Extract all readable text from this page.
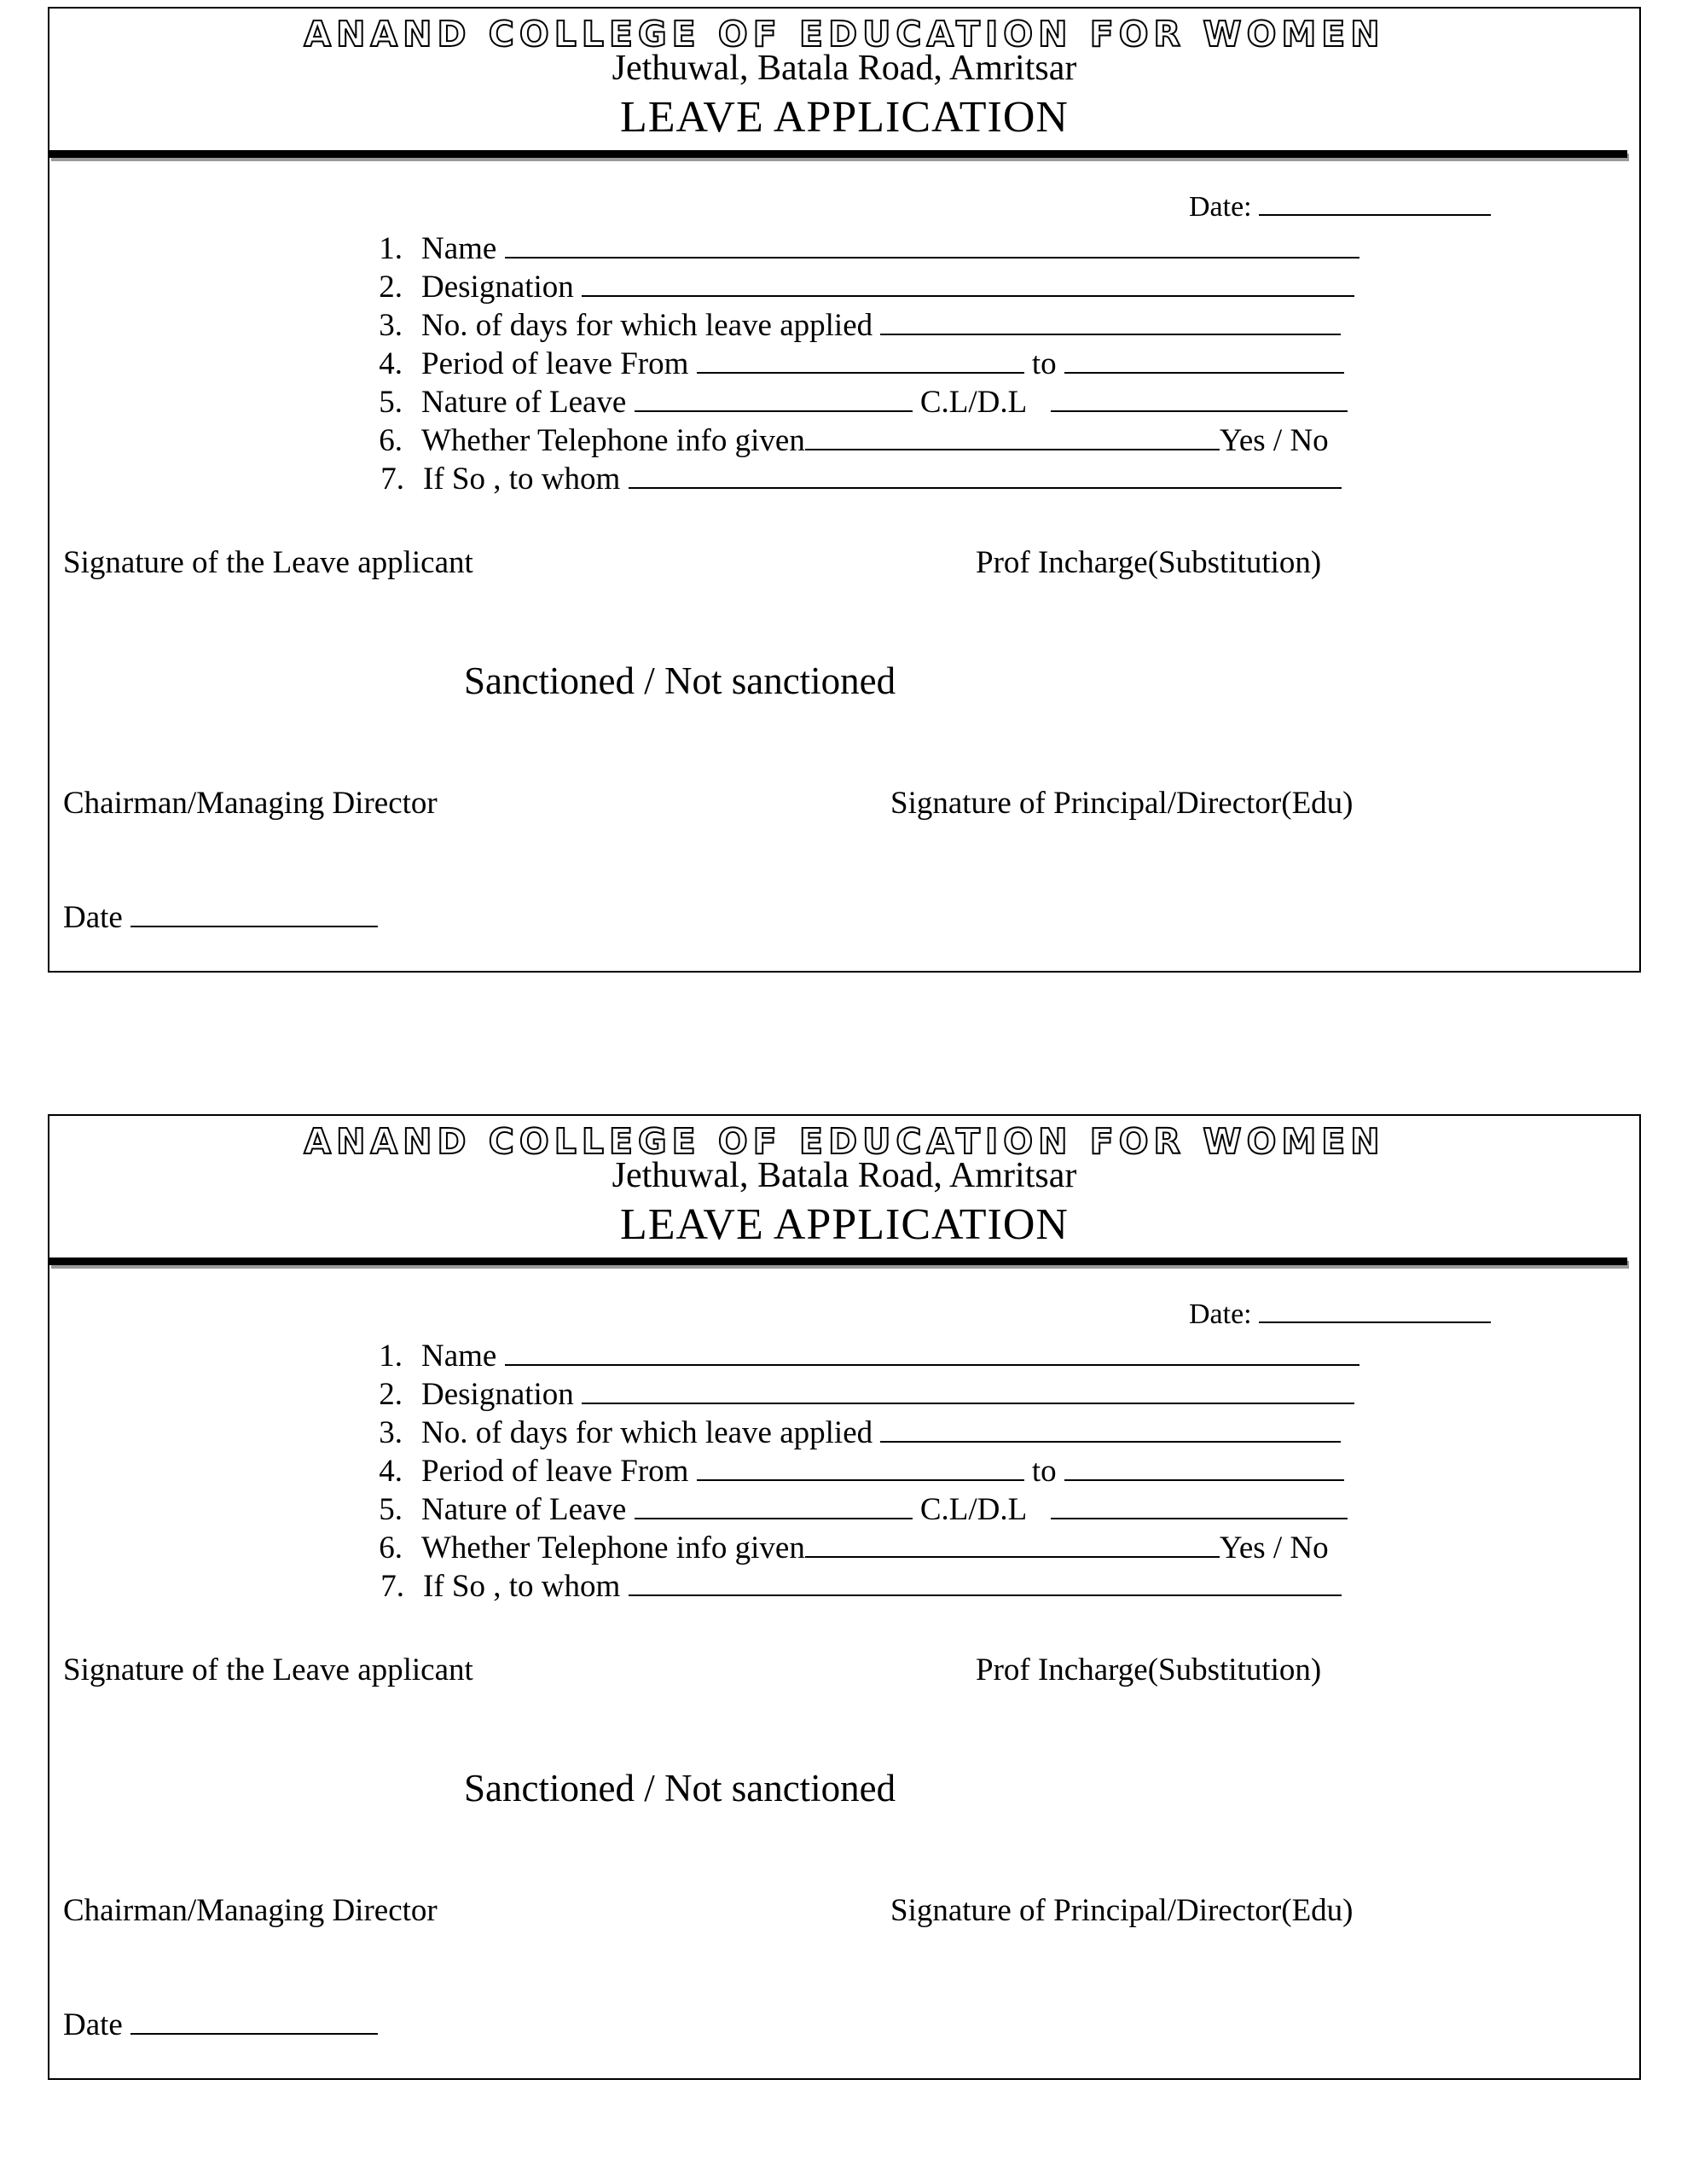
ANAND COLLEGE OF EDUCATION FOR WOMEN
Jethuwal, Batala Road, Amritsar
LEAVE APPLICATION
Date:
1. Name
2. Designation
3. No. of days for which leave applied
4. Period of leave From	to
5. Nature of Leave	C.L/D.L
6. Whether Telephone info given	Yes / No
7. If So , to whom
Signature of the Leave applicant	Prof Incharge(Substitution)
Sanctioned / Not sanctioned
Chairman/Managing Director	Signature of Principal/Director(Edu)
Date
ANAND COLLEGE OF EDUCATION FOR WOMEN
Jethuwal, Batala Road, Amritsar
LEAVE APPLICATION
Date:
1. Name
2. Designation
3. No. of days for which leave applied
4. Period of leave From	to
5. Nature of Leave	C.L/D.L
6. Whether Telephone info given	Yes / No
7. If So , to whom
Signature of the Leave applicant	Prof Incharge(Substitution)
Sanctioned / Not sanctioned
Chairman/Managing Director	Signature of Principal/Director(Edu)
Date
